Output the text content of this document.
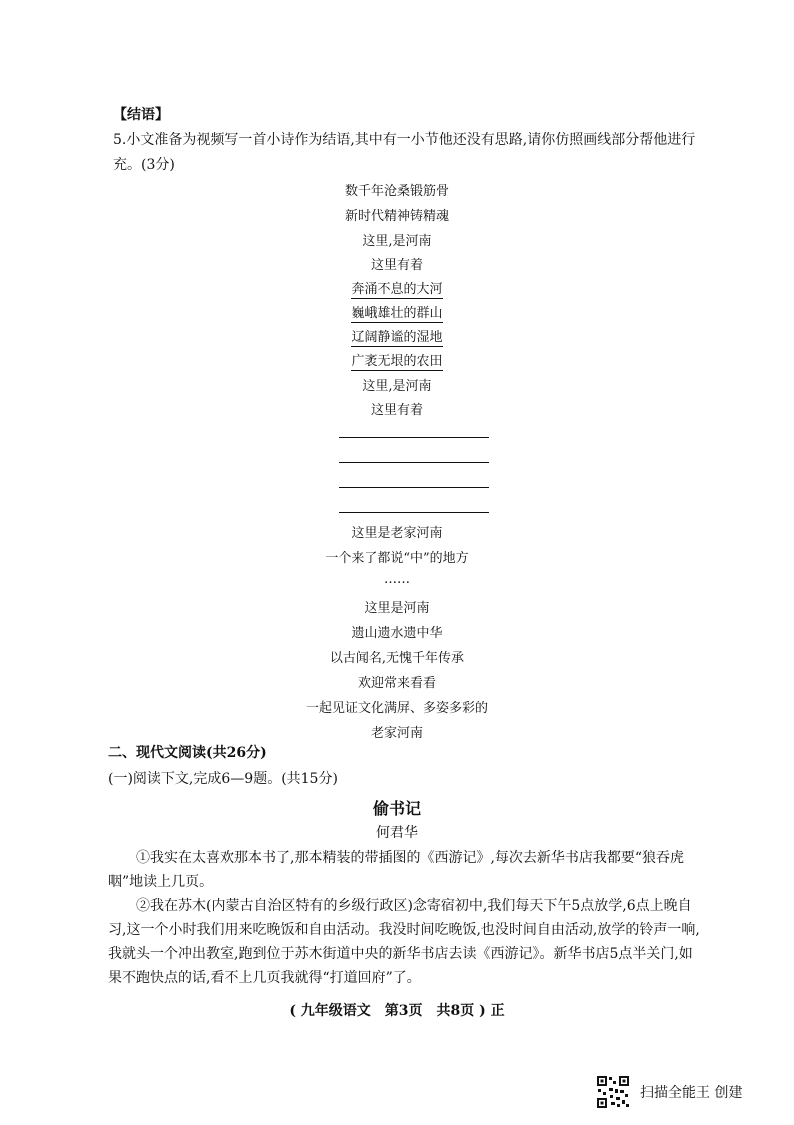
【结语】
5.小文准备为视频写一首小诗作为结语,其中有一小节他还没有思路,请你仿照画线部分帮他进行充。(3分)
数千年沧桑锻筋骨
新时代精神铸精魂
这里,是河南
这里有着
奔涌不息的大河
巍峨雄壮的群山
辽阔静谧的湿地
广袤无垠的农田
这里,是河南
这里有着
这里是老家河南
一个来了都说“中”的地方
……
这里是河南
遗山遗水遗中华
以古闻名,无愧千年传承
欢迎常来看看
一起见证文化满屏、多姿多彩的
老家河南
二、现代文阅读(共26分)
(一)阅读下文,完成6—9题。(共15分)
偷书记
何君华
①我实在太喜欢那本书了,那本精装的带插图的《西游记》,每次去新华书店我都要“狼吞虎咽”地读上几页。
②我在苏木(内蒙古自治区特有的乡级行政区)念寄宿初中,我们每天下午5点放学,6点上晚自习,这一个小时我们用来吃晚饭和自由活动。我没时间吃晚饭,也没时间自由活动,放学的铃声一响,我就头一个冲出教室,跑到位于苏木街道中央的新华书店去读《西游记》。新华书店5点半关门,如果不跑快点的话,看不上几页我就得“打道回府”了。
( 九年级语文　第3页　共8页 ) 正
扫描全能王 创建
